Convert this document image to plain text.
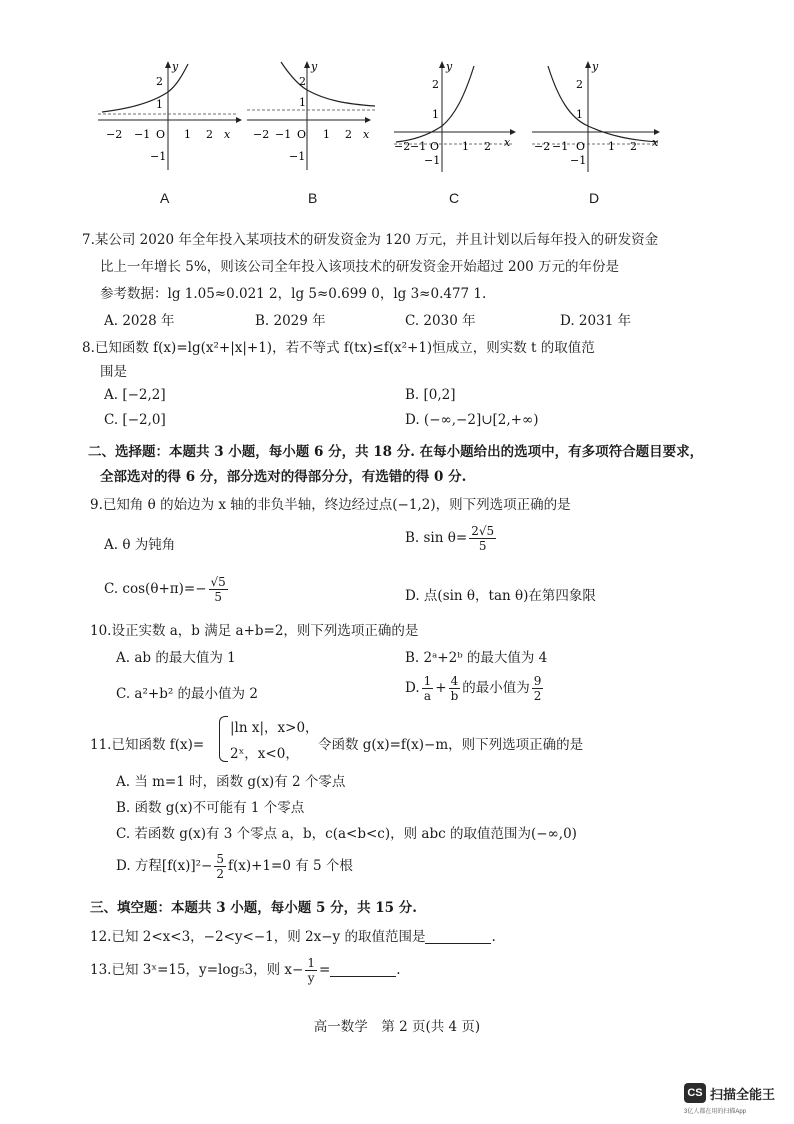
−2 −1 O 1 2 x
2
1
−1
y
−2 −1 O 1 2 x
2
1
−1
y
−2 −1 O 1 2 x
2
1
−1
y
−2 −1 O 1 2 x
2
1
−1
y
A	B	C	D
7.某公司 2020 年全年投入某项技术的研发资金为 120 万元，并且计划以后每年投入的研发资金
比上一年增长 5%，则该公司全年投入该项技术的研发资金开始超过 200 万元的年份是
参考数据：lg 1.05≈0.021 2，lg 5≈0.699 0，lg 3≈0.477 1.
A. 2028 年	B. 2029 年	C. 2030 年	D. 2031 年
8.已知函数 f(x)=lg(x²+|x|+1)，若不等式 f(tx)≤f(x²+1)恒成立，则实数 t 的取值范
围是
A. [−2,2]	B. [0,2]
C. [−2,0]	D. (−∞,−2]∪[2,+∞)
二、选择题：本题共 3 小题，每小题 6 分，共 18 分. 在每小题给出的选项中，有多项符合题目要求，
全部选对的得 6 分，部分选对的得部分分，有选错的得 0 分.
9.已知角 θ 的始边为 x 轴的非负半轴，终边经过点(−1,2)，则下列选项正确的是
A. θ 为钝角	B. $\sin \theta= \frac{2√5}{5}$
C. $\cos(\theta+\pi)=- \frac{√5}{5}$	D. 点(sin θ，tan θ)在第四象限
10.设正实数 a，b 满足 a+b=2，则下列选项正确的是
A. ab 的最大值为 1	B. 2ᵃ+2ᵇ 的最大值为 4
C. a²+b² 的最小值为 2	D. $\frac{1}{a} + \frac{4}{b}$ 的最小值为 $\frac{9}{2}$
11.已知函数 f(x)=
|ln x|，x>0，
2ˣ，x<0，
令函数 g(x)=f(x)−m，则下列选项正确的是
A. 当 m=1 时，函数 g(x)有 2 个零点
B. 函数 g(x)不可能有 1 个零点
C. 若函数 g(x)有 3 个零点 a，b，c(a<b<c)，则 abc 的取值范围为(−∞,0)
D. 方程$[f(x)]^2- \frac{5}{2} f(x)+1=0$ 有 5 个根
三、填空题：本题共 3 小题，每小题 5 分，共 15 分.
12.已知 2<x<3，−2<y<−1，则 2x−y 的取值范围是	.
13.已知 3ˣ=15，y=log₅3，则 $x- \frac{1}{y}$ =	.
高一数学　第 2 页(共 4 页)
CS 扫描全能王
3亿人都在用的扫描App
